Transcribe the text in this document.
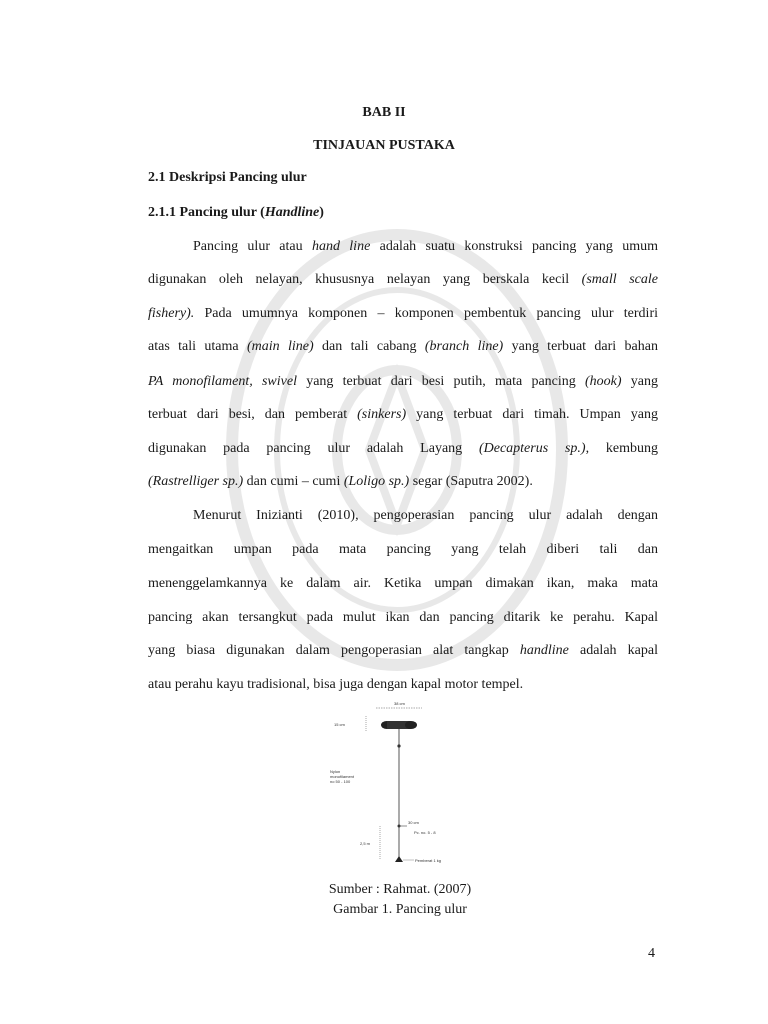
BAB II
TINJAUAN PUSTAKA
2.1 Deskripsi Pancing ulur
2.1.1 Pancing ulur (Handline)
Pancing ulur atau hand line adalah suatu konstruksi pancing yang umum
digunakan oleh nelayan, khususnya nelayan yang berskala kecil (small scale
fishery). Pada umumnya komponen – komponen pembentuk pancing ulur terdiri
atas tali utama (main line) dan tali cabang (branch line) yang terbuat dari bahan
PA monofilament, swivel yang terbuat dari besi putih, mata pancing (hook) yang
terbuat dari besi, dan pemberat (sinkers) yang terbuat dari timah. Umpan yang
digunakan pada pancing ulur adalah Layang (Decapterus sp.), kembung
(Rastrelliger sp.) dan cumi – cumi (Loligo sp.) segar (Saputra 2002).
Menurut Inizianti (2010), pengoperasian pancing ulur adalah dengan
mengaitkan umpan pada mata pancing yang telah diberi tali dan
menenggelamkannya ke dalam air. Ketika umpan dimakan ikan, maka mata
pancing akan tersangkut pada mulut ikan dan pancing ditarik ke perahu. Kapal
yang biasa digunakan dalam pengoperasian alat tangkap handline adalah kapal
atau perahu kayu tradisional, bisa juga dengan kapal motor tempel.
38 cm
15 cm
Nylon
monofilament
no 50 - 100
30 cm
Pc. no. 5 - 8
2,5 m
Pemberat 1 kg
Sumber : Rahmat. (2007)
Gambar 1. Pancing ulur
4
